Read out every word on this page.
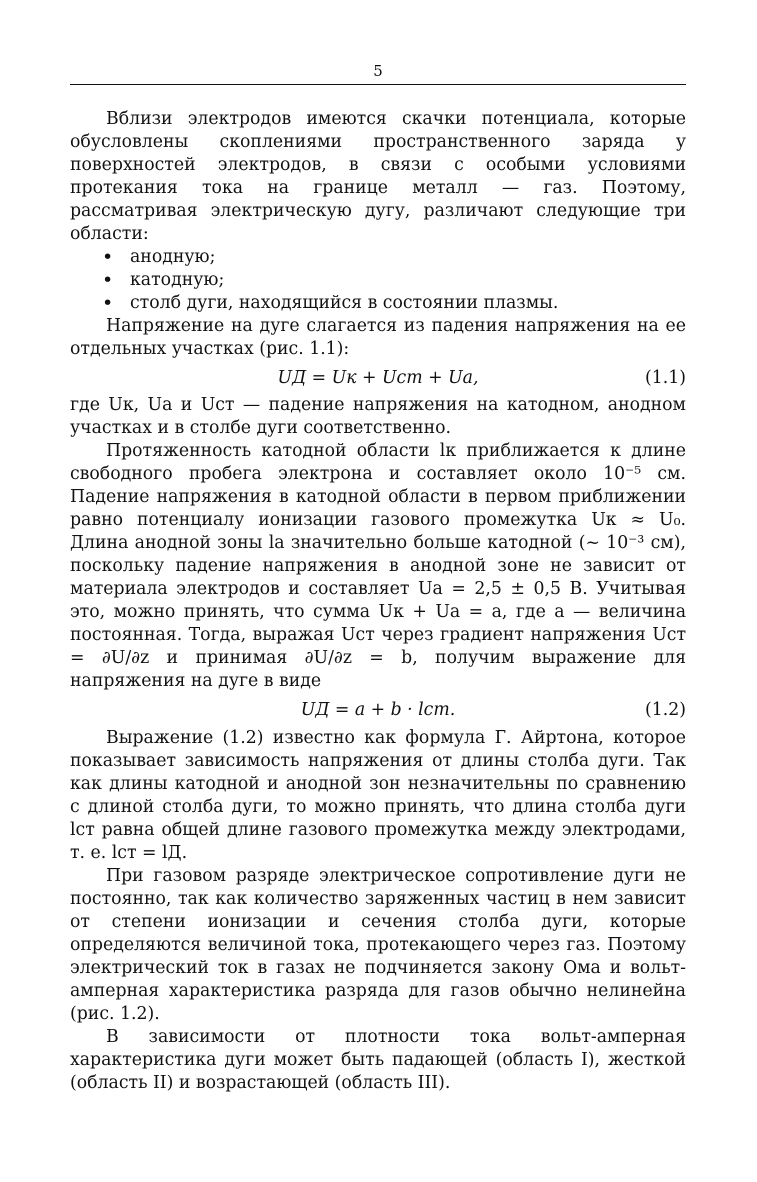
5

Вблизи электродов имеются скачки потенциала, которые обусловлены скоплениями пространственного заряда у поверхностей электродов, в связи с особыми условиями протекания тока на границе металл — газ. Поэтому, рассматривая электрическую дугу, различают следующие три области:

• анодную;
• катодную;
• столб дуги, находящийся в состоянии плазмы.

Напряжение на дуге слагается из падения напряжения на ее отдельных участках (рис. 1.1):

UД = Uк + Uст + Uа,	(1.1)

где Uк, Uа и Uст — падение напряжения на катодном, анодном участках и в столбе дуги соответственно.

Протяженность катодной области lк приближается к длине свободного пробега электрона и составляет около 10⁻⁵ см. Падение напряжения в катодной области в первом приближении равно потенциалу ионизации газового промежутка Uк ≈ U₀. Длина анодной зоны lа значительно больше катодной (~ 10⁻³ см), поскольку падение напряжения в анодной зоне не зависит от материала электродов и составляет Uа = 2,5 ± 0,5 В. Учитывая это, можно принять, что сумма Uк + Uа = a, где a — величина постоянная. Тогда, выражая Uст через градиент напряжения Uст = ∂U/∂z и принимая ∂U/∂z = b, получим выражение для напряжения на дуге в виде

UД = a + b · lст.	(1.2)

Выражение (1.2) известно как формула Г. Айртона, которое показывает зависимость напряжения от длины столба дуги. Так как длины катодной и анодной зон незначительны по сравнению с длиной столба дуги, то можно принять, что длина столба дуги lст равна общей длине газового промежутка между электродами, т. е. lст = lД.

При газовом разряде электрическое сопротивление дуги не постоянно, так как количество заряженных частиц в нем зависит от степени ионизации и сечения столба дуги, которые определяются величиной тока, протекающего через газ. Поэтому электрический ток в газах не подчиняется закону Ома и вольт-амперная характеристика разряда для газов обычно нелинейна (рис. 1.2).

В зависимости от плотности тока вольт-амперная характеристика дуги может быть падающей (область I), жесткой (область II) и возрастающей (область III).
